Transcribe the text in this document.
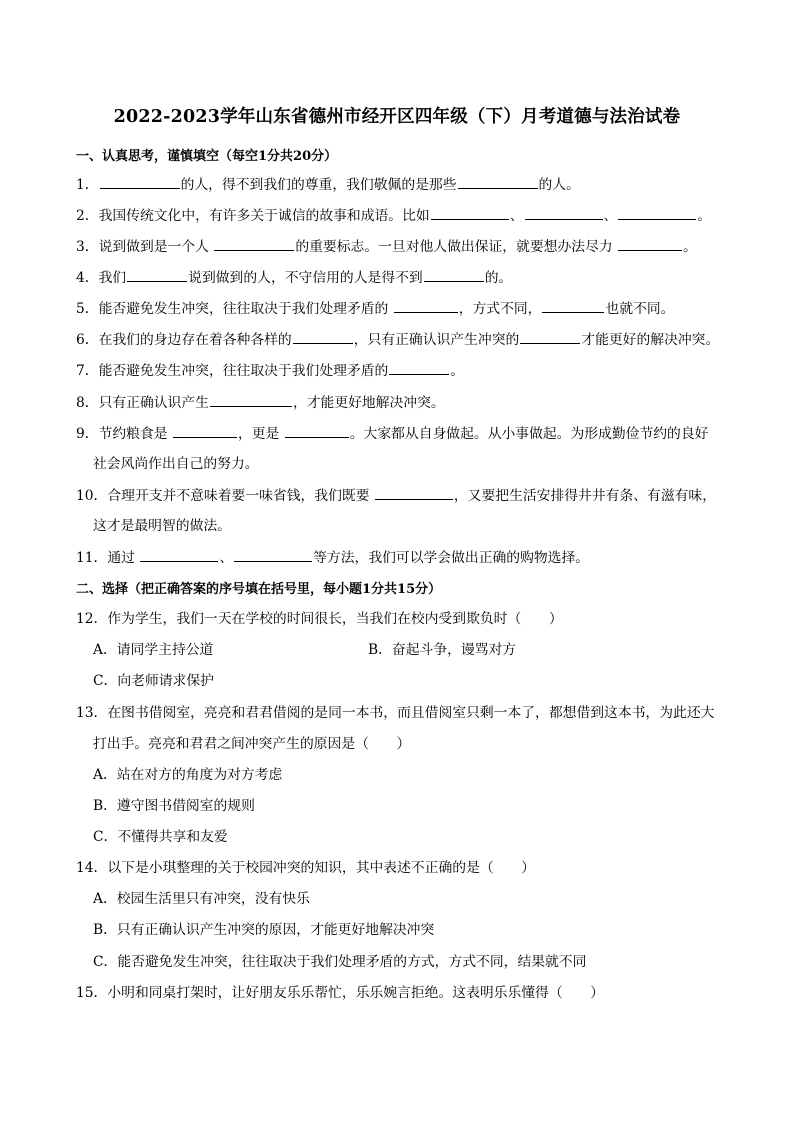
2022-2023学年山东省德州市经开区四年级（下）月考道德与法治试卷
一、认真思考，谨慎填空（每空1分共20分）
1．	的人，得不到我们的尊重，我们敬佩的是那些	的人。
2．我国传统文化中，有许多关于诚信的故事和成语。比如	、	、	。
3．说到做到是一个人	的重要标志。一旦对他人做出保证，就要想办法尽力	。
4．我们	说到做到的人，不守信用的人是得不到	的。
5．能否避免发生冲突，往往取决于我们处理矛盾的	，方式不同，	也就不同。
6．在我们的身边存在着各种各样的	，只有正确认识产生冲突的	才能更好的解决冲突。
7．能否避免发生冲突，往往取决于我们处理矛盾的	。
8．只有正确认识产生	，才能更好地解决冲突。
9．节约粮食是	，更是	。大家都从自身做起。从小事做起。为形成勤俭节约的良好
社会风尚作出自己的努力。
10．合理开支并不意味着要一味省钱，我们既要	，又要把生活安排得井井有条、有滋有味，
这才是最明智的做法。
11．通过	、	等方法，我们可以学会做出正确的购物选择。
二、选择（把正确答案的序号填在括号里，每小题1分共15分）
12．作为学生，我们一天在学校的时间很长，当我们在校内受到欺负时（　　）
A．请同学主持公道	B．奋起斗争，谩骂对方
C．向老师请求保护
13．在图书借阅室，亮亮和君君借阅的是同一本书，而且借阅室只剩一本了，都想借到这本书，为此还大
打出手。亮亮和君君之间冲突产生的原因是（　　）
A．站在对方的角度为对方考虑
B．遵守图书借阅室的规则
C．不懂得共享和友爱
14．以下是小琪整理的关于校园冲突的知识，其中表述不正确的是（　　）
A．校园生活里只有冲突，没有快乐
B．只有正确认识产生冲突的原因，才能更好地解决冲突
C．能否避免发生冲突，往往取决于我们处理矛盾的方式，方式不同，结果就不同
15．小明和同桌打架时，让好朋友乐乐帮忙，乐乐婉言拒绝。这表明乐乐懂得（　　）
